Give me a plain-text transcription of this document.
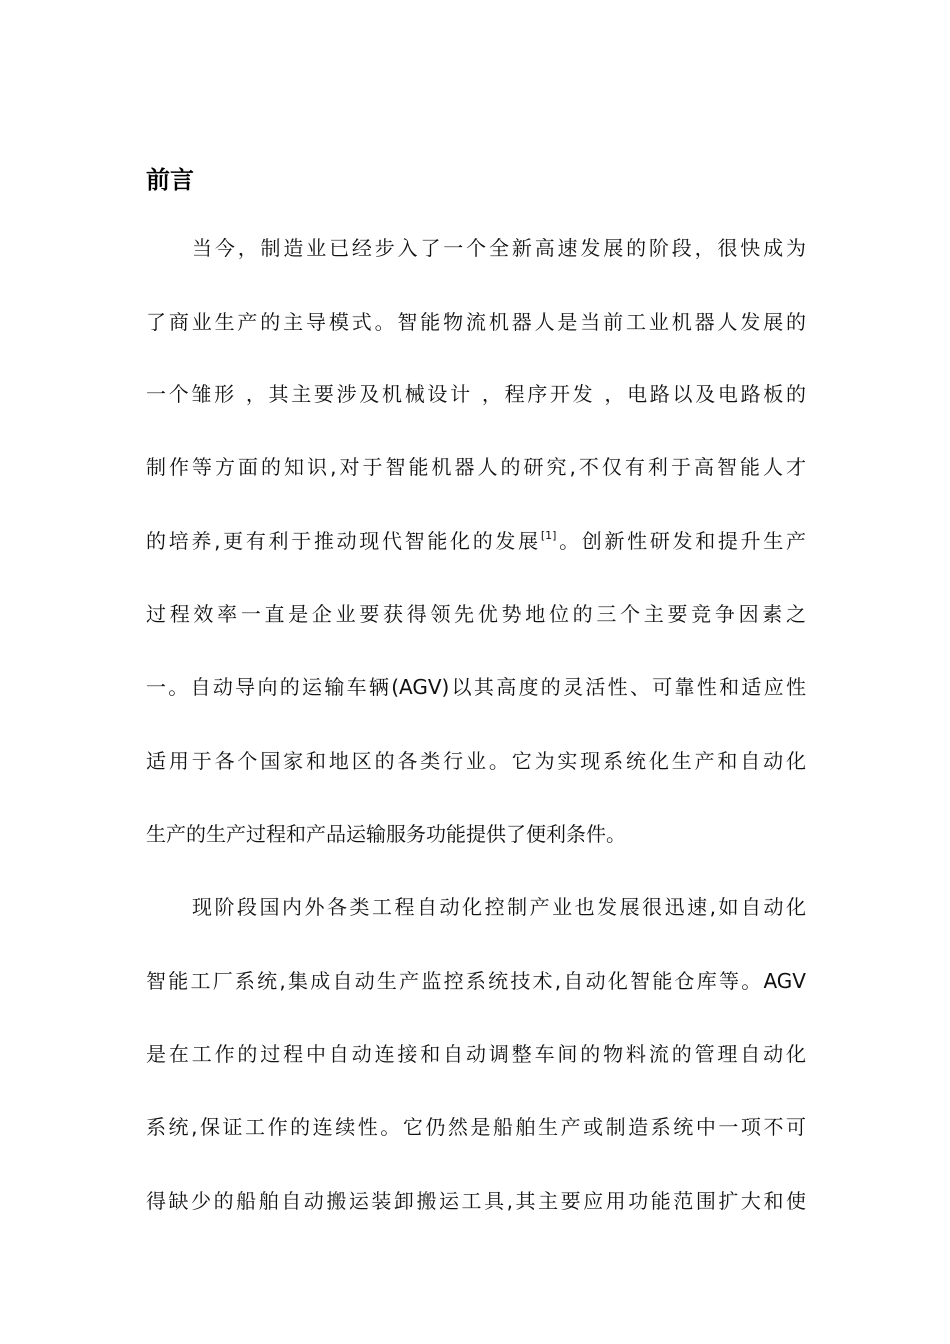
前言

当今，制造业已经步入了一个全新高速发展的阶段，很快成为

了商业生产的主导模式。智能物流机器人是当前工业机器人发展的

一个雏形 ，其主要涉及机械设计 ，程序开发 ，电路以及电路板的

制作等方面的知识,对于智能机器人的研究,不仅有利于高智能人才

的培养,更有利于推动现代智能化的发展[1]。创新性研发和提升生产

过程效率一直是企业要获得领先优势地位的三个主要竞争因素之

一。自动导向的运输车辆(AGV)以其高度的灵活性、可靠性和适应性

适用于各个国家和地区的各类行业。它为实现系统化生产和自动化

生产的生产过程和产品运输服务功能提供了便利条件。

现阶段国内外各类工程自动化控制产业也发展很迅速,如自动化

智能工厂系统,集成自动生产监控系统技术,自动化智能仓库等。AGV

是在工作的过程中自动连接和自动调整车间的物料流的管理自动化

系统,保证工作的连续性。它仍然是船舶生产或制造系统中一项不可

得缺少的船舶自动搬运装卸搬运工具,其主要应用功能范围扩大和使
